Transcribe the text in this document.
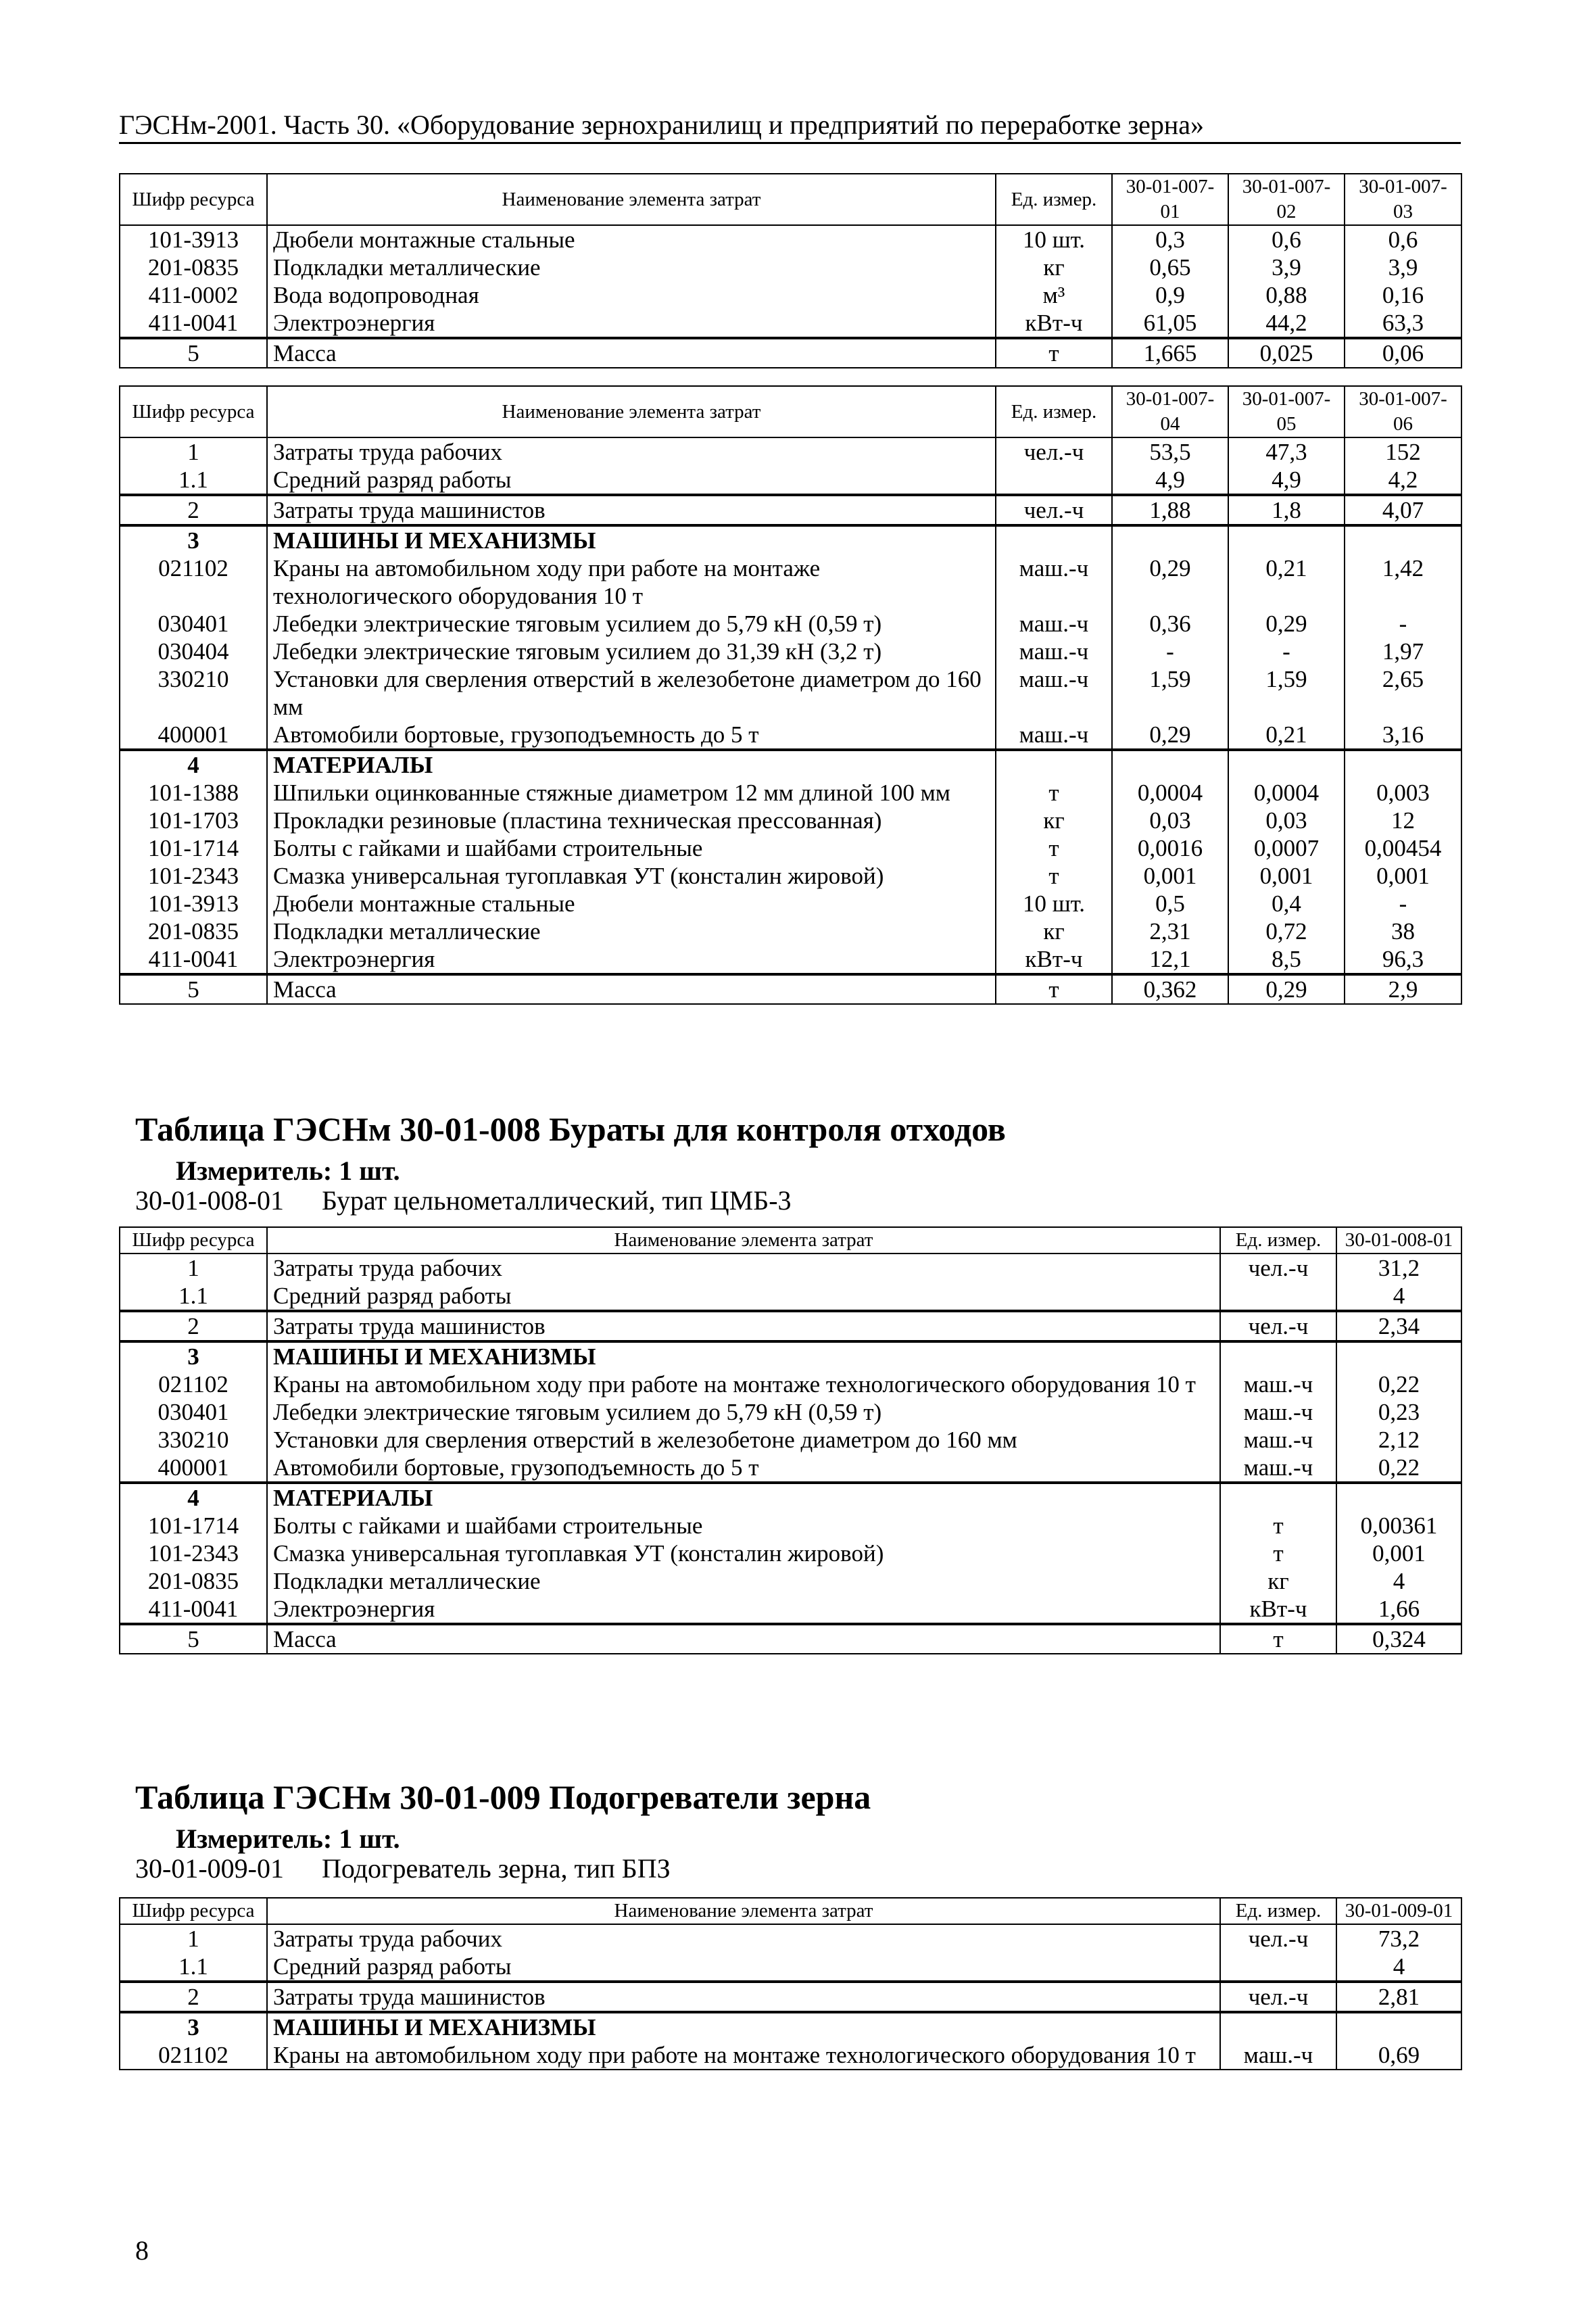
ГЭСНм-2001. Часть 30. «Оборудование зернохранилищ и предприятий по переработке зерна»
Шифр ресурса	Наименование элемента затрат	Ед. измер.	30-01-007-01	30-01-007-02	30-01-007-03
101-3913	Дюбели монтажные стальные	10 шт.	0,3	0,6	0,6
201-0835	Подкладки металлические	кг	0,65	3,9	3,9
411-0002	Вода водопроводная	м³	0,9	0,88	0,16
411-0041	Электроэнергия	кВт-ч	61,05	44,2	63,3
5	Масса	т	1,665	0,025	0,06
Шифр ресурса	Наименование элемента затрат	Ед. измер.	30-01-007-04	30-01-007-05	30-01-007-06
1	Затраты труда рабочих	чел.-ч	53,5	47,3	152
1.1	Средний разряд работы		4,9	4,9	4,2
2	Затраты труда машинистов	чел.-ч	1,88	1,8	4,07
3	МАШИНЫ И МЕХАНИЗМЫ				
021102	Краны на автомобильном ходу при работе на монтаже технологического оборудования 10 т	маш.-ч	0,29	0,21	1,42
030401	Лебедки электрические тяговым усилием до 5,79 кН (0,59 т)	маш.-ч	0,36	0,29	-
030404	Лебедки электрические тяговым усилием до 31,39 кН (3,2 т)	маш.-ч	-	-	1,97
330210	Установки для сверления отверстий в железобетоне диаметром до 160 мм	маш.-ч	1,59	1,59	2,65
400001	Автомобили бортовые, грузоподъемность до 5 т	маш.-ч	0,29	0,21	3,16
4	МАТЕРИАЛЫ				
101-1388	Шпильки оцинкованные стяжные диаметром 12 мм длиной 100 мм	т	0,0004	0,0004	0,003
101-1703	Прокладки резиновые (пластина техническая прессованная)	кг	0,03	0,03	12
101-1714	Болты с гайками и шайбами строительные	т	0,0016	0,0007	0,00454
101-2343	Смазка универсальная тугоплавкая УТ (консталин жировой)	т	0,001	0,001	0,001
101-3913	Дюбели монтажные стальные	10 шт.	0,5	0,4	-
201-0835	Подкладки металлические	кг	2,31	0,72	38
411-0041	Электроэнергия	кВт-ч	12,1	8,5	96,3
5	Масса	т	0,362	0,29	2,9
Таблица ГЭСНм 30-01-008 Бураты для контроля отходов
Измеритель: 1 шт.
30-01-008-01 Бурат цельнометаллический, тип ЦМБ-3
Шифр ресурса	Наименование элемента затрат	Ед. измер.	30-01-008-01
1	Затраты труда рабочих	чел.-ч	31,2
1.1	Средний разряд работы		4
2	Затраты труда машинистов	чел.-ч	2,34
3	МАШИНЫ И МЕХАНИЗМЫ		
021102	Краны на автомобильном ходу при работе на монтаже технологического оборудования 10 т	маш.-ч	0,22
030401	Лебедки электрические тяговым усилием до 5,79 кН (0,59 т)	маш.-ч	0,23
330210	Установки для сверления отверстий в железобетоне диаметром до 160 мм	маш.-ч	2,12
400001	Автомобили бортовые, грузоподъемность до 5 т	маш.-ч	0,22
4	МАТЕРИАЛЫ		
101-1714	Болты с гайками и шайбами строительные	т	0,00361
101-2343	Смазка универсальная тугоплавкая УТ (консталин жировой)	т	0,001
201-0835	Подкладки металлические	кг	4
411-0041	Электроэнергия	кВт-ч	1,66
5	Масса	т	0,324
Таблица ГЭСНм 30-01-009 Подогреватели зерна
Измеритель: 1 шт.
30-01-009-01 Подогреватель зерна, тип БПЗ
Шифр ресурса	Наименование элемента затрат	Ед. измер.	30-01-009-01
1	Затраты труда рабочих	чел.-ч	73,2
1.1	Средний разряд работы		4
2	Затраты труда машинистов	чел.-ч	2,81
3	МАШИНЫ И МЕХАНИЗМЫ		
021102	Краны на автомобильном ходу при работе на монтаже технологического оборудования 10 т	маш.-ч	0,69
8
